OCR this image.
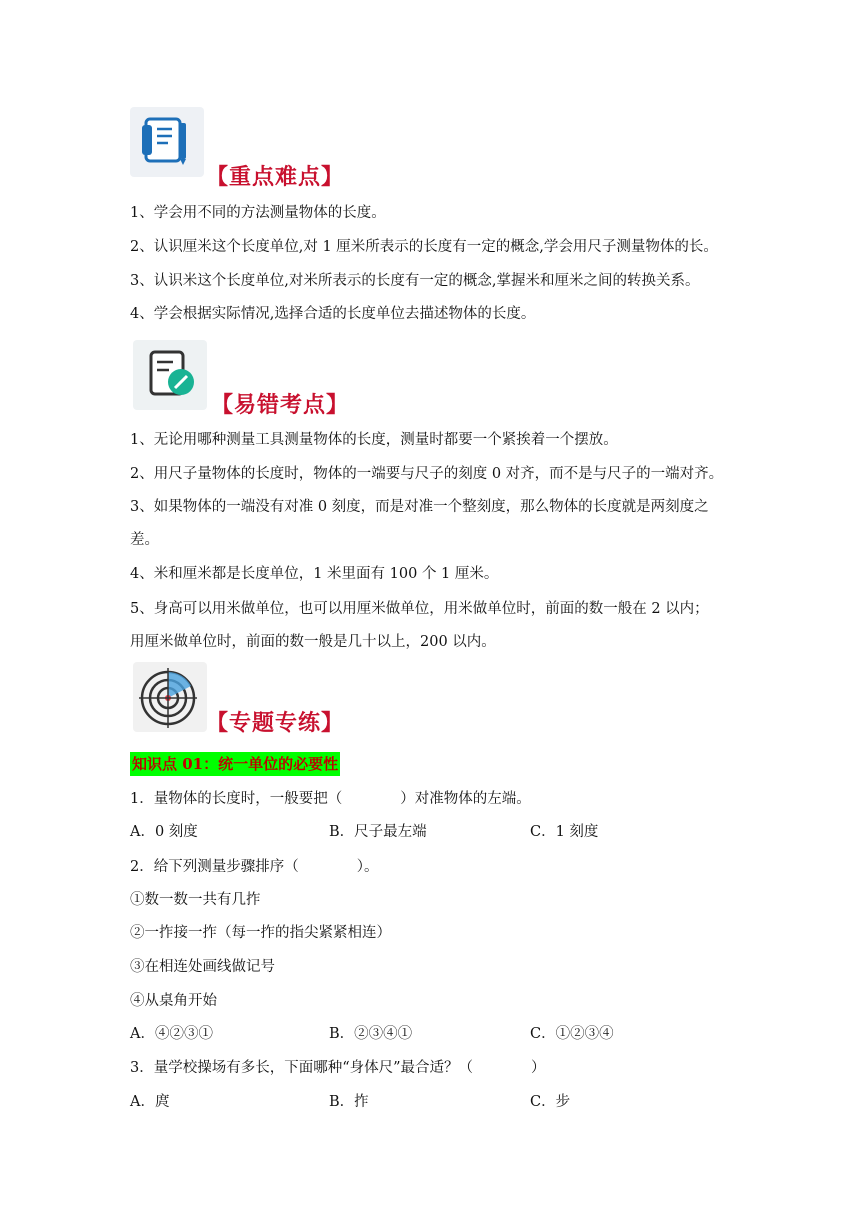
【重点难点】
1、学会用不同的方法测量物体的长度。
2、认识厘米这个长度单位,对 1 厘米所表示的长度有一定的概念,学会用尺子测量物体的长。
3、认识米这个长度单位,对米所表示的长度有一定的概念,掌握米和厘米之间的转换关系。
4、学会根据实际情况,选择合适的长度单位去描述物体的长度。
【易错考点】
1、无论用哪种测量工具测量物体的长度，测量时都要一个紧挨着一个摆放。
2、用尺子量物体的长度时，物体的一端要与尺子的刻度 0 对齐，而不是与尺子的一端对齐。
3、如果物体的一端没有对准 0 刻度，而是对准一个整刻度，那么物体的长度就是两刻度之
差。
4、米和厘米都是长度单位，1 米里面有 100 个 1 厘米。
5、身高可以用米做单位，也可以用厘米做单位，用米做单位时，前面的数一般在 2 以内；
用厘米做单位时，前面的数一般是几十以上，200 以内。
【专题专练】
知识点 01：统一单位的必要性
1．量物体的长度时，一般要把（　　　　）对准物体的左端。
A．0 刻度	B．尺子最左端	C．1 刻度
2．给下列测量步骤排序（　　　　）。
①数一数一共有几拃
②一拃接一拃（每一拃的指尖紧紧相连）
③在相连处画线做记号
④从桌角开始
A．④②③①	B．②③④①	C．①②③④
3．量学校操场有多长，下面哪种“身体尺”最合适？（　　　　）
A．庹	B．拃	C．步
